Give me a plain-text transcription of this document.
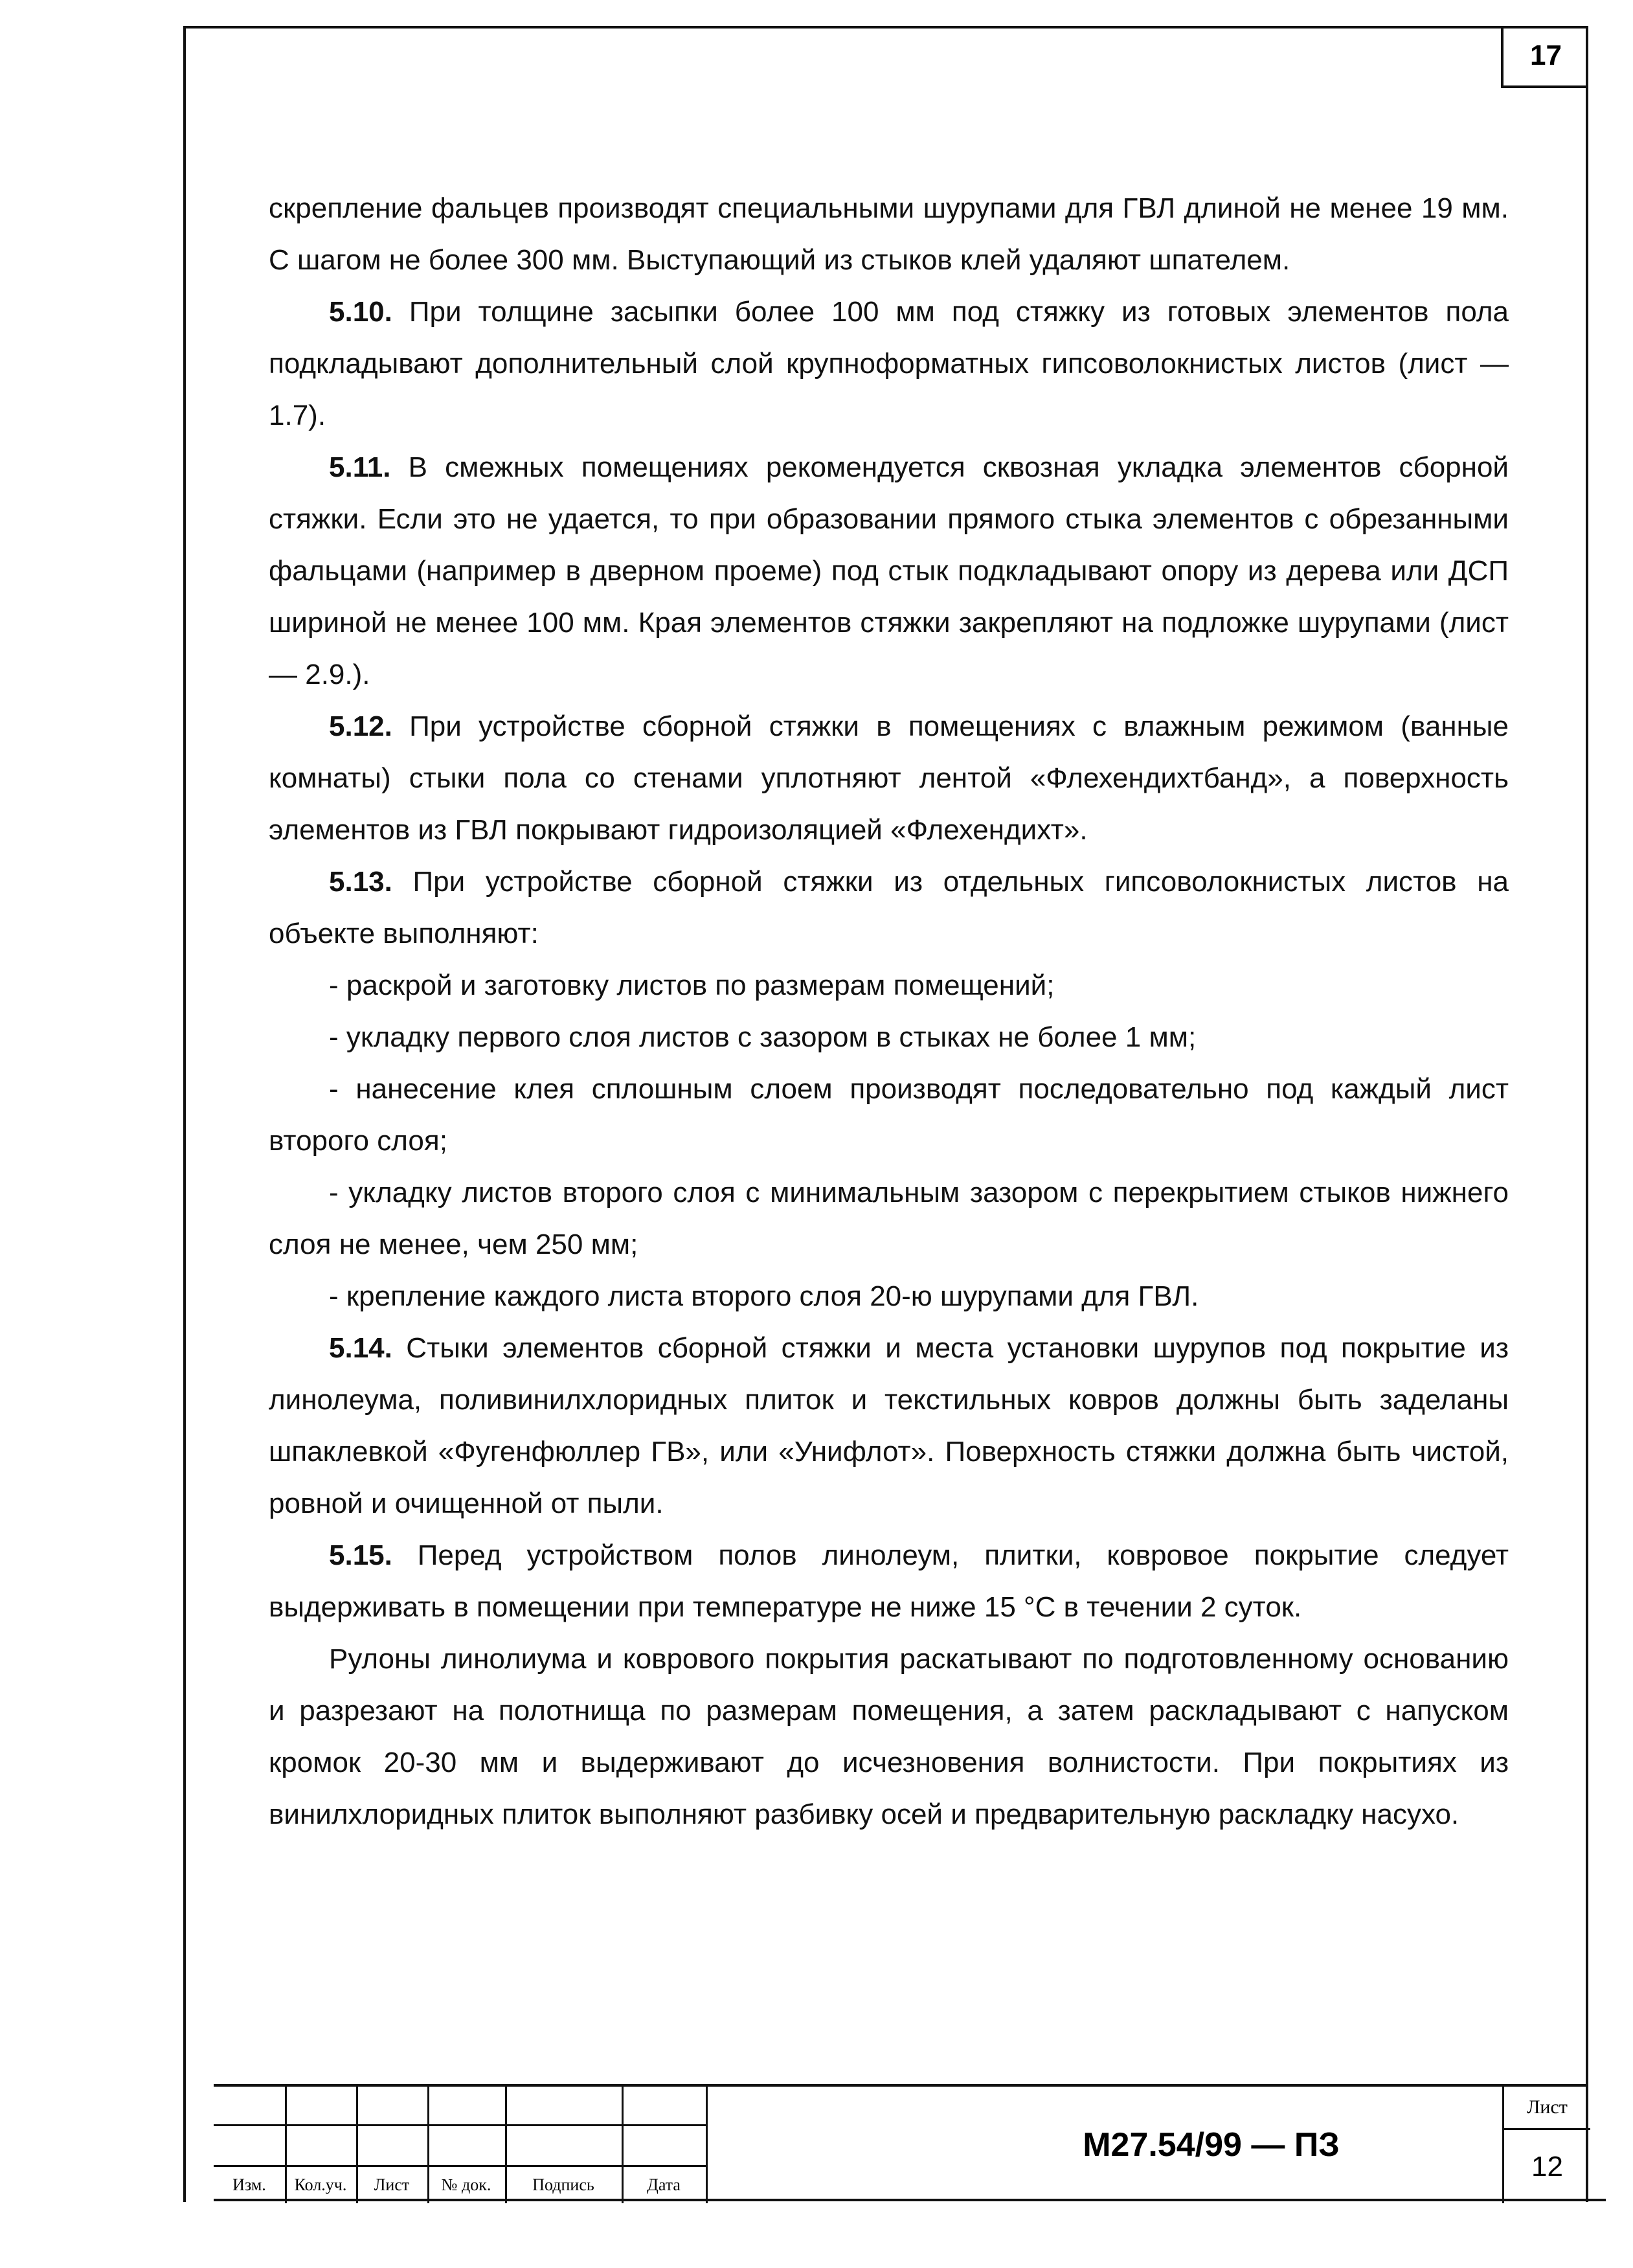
17

скрепление фальцев производят специальными шурупами для ГВЛ длиной не менее 19 мм. С шагом не более 300 мм. Выступающий из стыков клей удаляют шпателем.

5.10. При толщине засыпки более 100 мм под стяжку из готовых элементов пола подкладывают дополнительный слой крупноформатных гипсоволокнистых листов (лист — 1.7).

5.11. В смежных помещениях рекомендуется сквозная укладка элементов сборной стяжки. Если это не удается, то при образовании прямого стыка элементов с обрезанными фальцами (например в дверном проеме) под стык подкладывают опору из дерева или ДСП шириной не менее 100 мм. Края элементов стяжки закрепляют на подложке шурупами (лист — 2.9.).

5.12. При устройстве сборной стяжки в помещениях с влажным режимом (ванные комнаты) стыки пола со стенами уплотняют лентой «Флехендихтбанд», а поверхность элементов из ГВЛ покрывают гидроизоляцией «Флехендихт».

5.13. При устройстве сборной стяжки из отдельных гипсоволокнистых листов на объекте выполняют:

- раскрой и заготовку листов по размерам помещений;

- укладку первого слоя листов с зазором в стыках не более 1 мм;

- нанесение клея сплошным слоем производят последовательно под каждый лист второго слоя;

- укладку листов второго слоя с минимальным зазором с перекрытием стыков нижнего слоя не менее, чем 250 мм;

- крепление каждого листа второго слоя 20-ю шурупами для ГВЛ.

5.14. Стыки элементов сборной стяжки и места установки шурупов под покрытие из линолеума, поливинилхлоридных плиток и текстильных ковров должны быть заделаны шпаклевкой «Фугенфюллер ГВ», или «Унифлот». Поверхность стяжки должна быть чистой, ровной и очищенной от пыли.

5.15. Перед устройством полов линолеум, плитки, ковровое покрытие следует выдерживать в помещении при температуре не ниже 15 °С в течении 2 суток.

Рулоны линолиума и коврового покрытия раскатывают по подготовленному основанию и разрезают на полотнища по размерам помещения, а затем раскладывают с напуском кромок 20-30 мм и выдерживают до исчезновения волнистости. При покрытиях из винилхлоридных плиток выполняют разбивку осей и предварительную раскладку насухо.

Изм.	Кол.уч.	Лист	№ док.	Подпись	Дата
М27.54/99 — ПЗ
Лист
12
